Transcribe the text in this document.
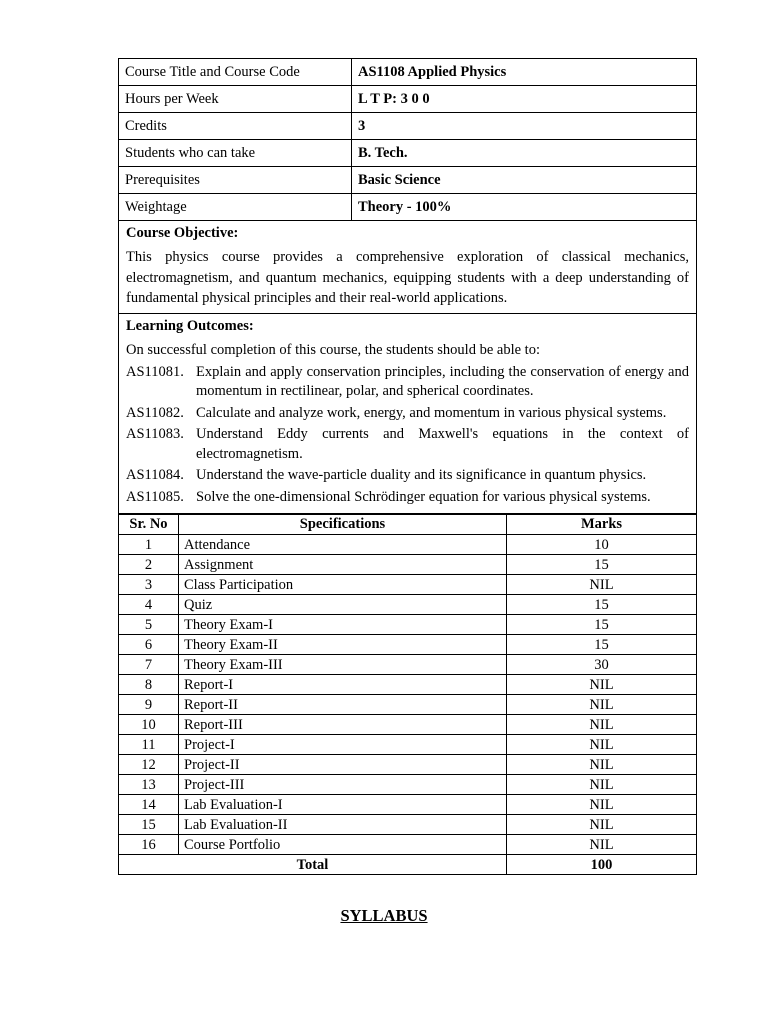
Course Title and Course Code	AS1108 Applied Physics
Hours per Week	L T P: 3 0 0
Credits	3
Students who can take	B. Tech.
Prerequisites	Basic Science
Weightage	Theory - 100%
Course Objective:

This physics course provides a comprehensive exploration of classical mechanics, electromagnetism, and quantum mechanics, equipping students with a deep understanding of fundamental physical principles and their real-world applications.

Learning Outcomes:

On successful completion of this course, the students should be able to:

AS11081. Explain and apply conservation principles, including the conservation of energy and momentum in rectilinear, polar, and spherical coordinates.
AS11082. Calculate and analyze work, energy, and momentum in various physical systems.
AS11083. Understand Eddy currents and Maxwell's equations in the context of electromagnetism.
AS11084. Understand the wave-particle duality and its significance in quantum physics.
AS11085. Solve the one-dimensional Schrödinger equation for various physical systems.
Sr. No	Specifications	Marks
1	Attendance	10
2	Assignment	15
3	Class Participation	NIL
4	Quiz	15
5	Theory Exam-I	15
6	Theory Exam-II	15
7	Theory Exam-III	30
8	Report-I	NIL
9	Report-II	NIL
10	Report-III	NIL
11	Project-I	NIL
12	Project-II	NIL
13	Project-III	NIL
14	Lab Evaluation-I	NIL
15	Lab Evaluation-II	NIL
16	Course Portfolio	NIL
Total		100
SYLLABUS
